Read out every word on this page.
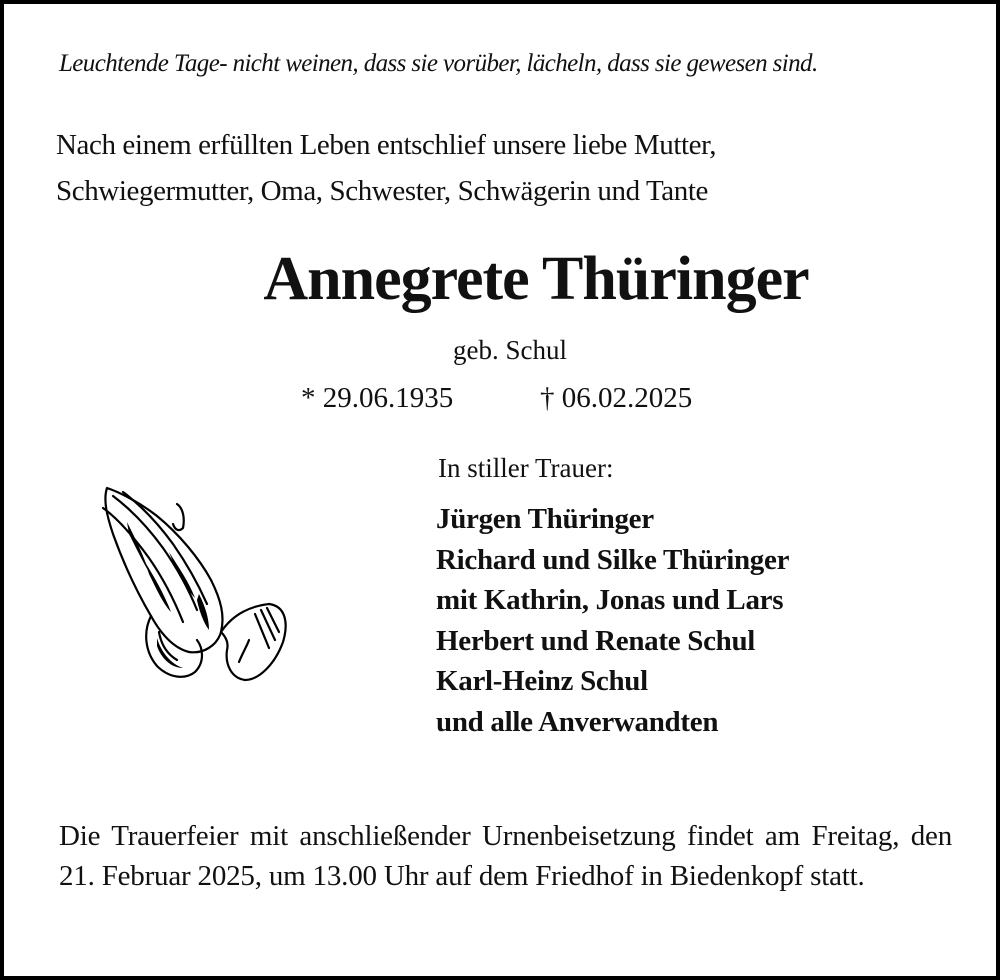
Leuchtende Tage- nicht weinen, dass sie vorüber, lächeln, dass sie gewesen sind.
Nach einem erfüllten Leben entschlief unsere liebe Mutter,
Schwiegermutter, Oma, Schwester, Schwägerin und Tante
Annegrete Thüringer
geb. Schul
* 29.06.1935	† 06.02.2025
In stiller Trauer:
Jürgen Thüringer
Richard und Silke Thüringer
mit Kathrin, Jonas und Lars
Herbert und Renate Schul
Karl-Heinz Schul
und alle Anverwandten
Die Trauerfeier mit anschließender Urnenbeisetzung findet am Freitag, den 21. Februar 2025, um 13.00 Uhr auf dem Friedhof in Biedenkopf statt.
